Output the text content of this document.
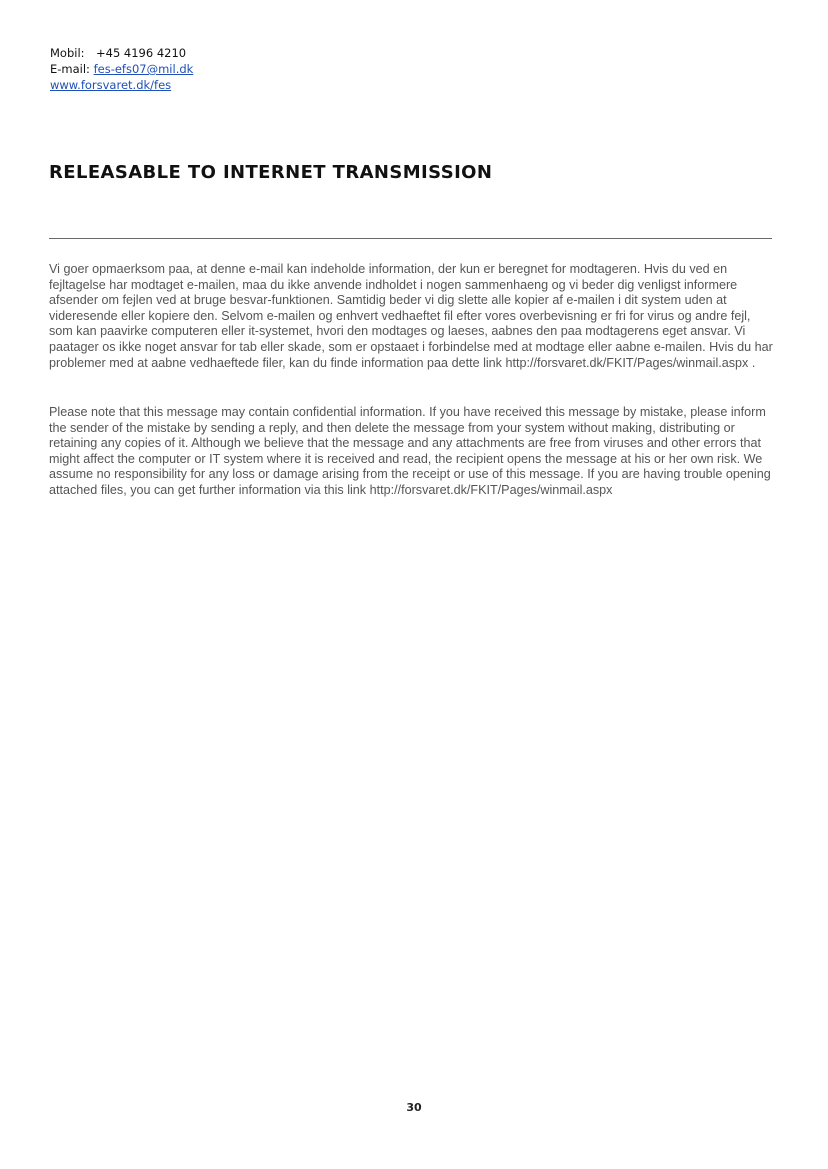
Mobil: +45 4196 4210
E-mail: fes-efs07@mil.dk
www.forsvaret.dk/fes
RELEASABLE TO INTERNET TRANSMISSION

Vi goer opmaerksom paa, at denne e-mail kan indeholde information, der kun er beregnet for modtageren. Hvis du ved en fejltagelse har modtaget e-mailen, maa du ikke anvende indholdet i nogen sammenhaeng og vi beder dig venligst informere afsender om fejlen ved at bruge besvar-funktionen. Samtidig beder vi dig slette alle kopier af e-mailen i dit system uden at videresende eller kopiere den. Selvom e-mailen og enhvert vedhaeftet fil efter vores overbevisning er fri for virus og andre fejl, som kan paavirke computeren eller it-systemet, hvori den modtages og laeses, aabnes den paa modtagerens eget ansvar. Vi paatager os ikke noget ansvar for tab eller skade, som er opstaaet i forbindelse med at modtage eller aabne e-mailen. Hvis du har problemer med at aabne vedhaeftede filer, kan du finde information paa dette link http://forsvaret.dk/FKIT/Pages/winmail.aspx .

Please note that this message may contain confidential information. If you have received this message by mistake, please inform the sender of the mistake by sending a reply, and then delete the message from your system without making, distributing or retaining any copies of it. Although we believe that the message and any attachments are free from viruses and other errors that might affect the computer or IT system where it is received and read, the recipient opens the message at his or her own risk. We assume no responsibility for any loss or damage arising from the receipt or use of this message. If you are having trouble opening attached files, you can get further information via this link http://forsvaret.dk/FKIT/Pages/winmail.aspx

30
